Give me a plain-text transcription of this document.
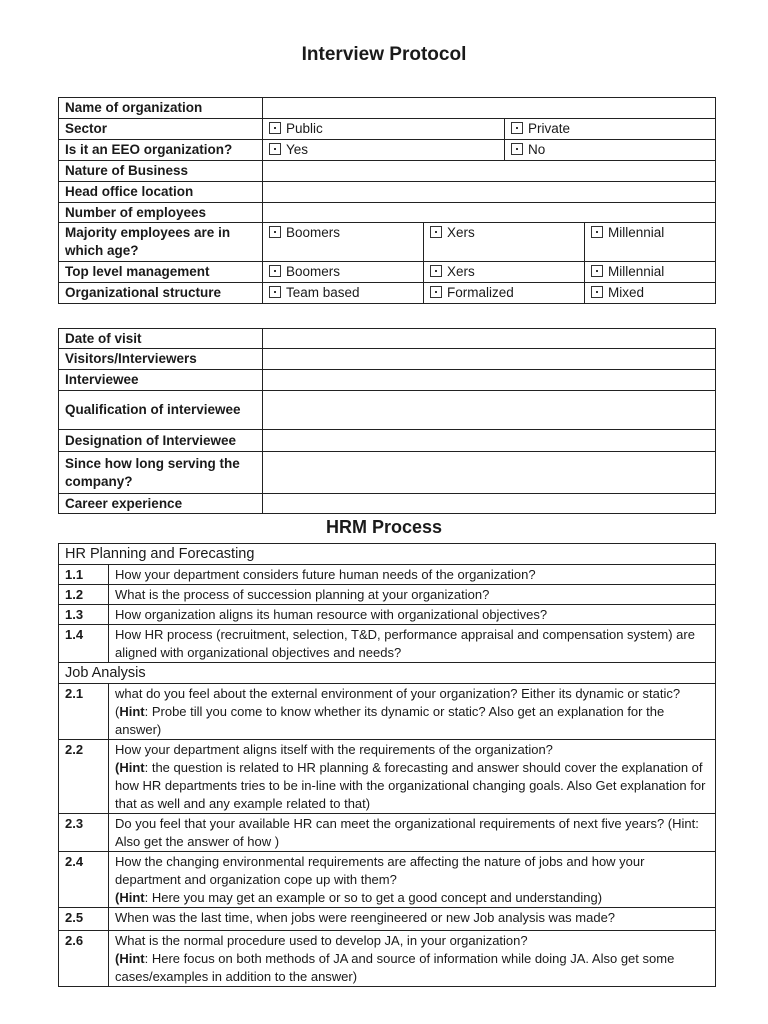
Interview Protocol
Name of organization				
Sector	Public		Private	
Is it an EEO organization?	Yes		No	
Nature of Business				
Head office location				
Number of employees				
Majority employees are in which age?	Boomers	Xers		Millennial
Top level management	Boomers	Xers		Millennial
Organizational structure	Team based	Formalized		Mixed
Date of visit	
Visitors/Interviewers	
Interviewee	
Qualification of interviewee	
Designation of Interviewee	
Since how long serving the company?	
Career experience	
HRM Process
HR Planning and Forecasting	
1.1	How your department considers future human needs of the organization?
1.2	What is the process of succession planning at your organization?
1.3	How organization aligns its human resource with organizational objectives?
1.4	How HR process (recruitment, selection, T&D, performance appraisal and compensation system) are aligned with organizational objectives and needs?
Job Analysis	
2.1	what do you feel about the external environment of your organization? Either its dynamic or static? (Hint: Probe till you come to know whether its dynamic or static? Also get an explanation for the answer)
2.2	How your department aligns itself with the requirements of the organization?
(Hint: the question is related to HR planning & forecasting and answer should cover the explanation of how HR departments tries to be in-line with the organizational changing goals. Also Get explanation for that as well and any example related to that)
2.3	Do you feel that your available HR can meet the organizational requirements of next five years? (Hint: Also get the answer of how )
2.4	How the changing environmental requirements are affecting the nature of jobs and how your department and organization cope up with them?
(Hint: Here you may get an example or so to get a good concept and understanding)
2.5	When was the last time, when jobs were reengineered or new Job analysis was made?
2.6	What is the normal procedure used to develop JA, in your organization?
(Hint: Here focus on both methods of JA and source of information while doing JA. Also get some cases/examples in addition to the answer)
